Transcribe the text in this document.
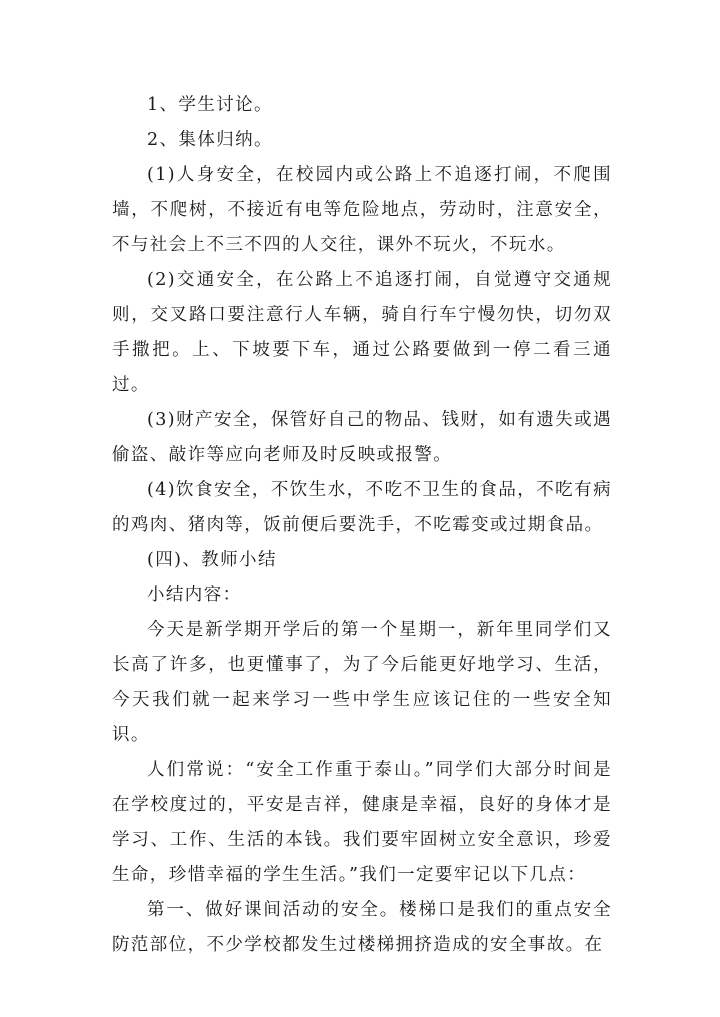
1、学生讨论。

2、集体归纳。

(1)人身安全，在校园内或公路上不追逐打闹，不爬围墙，不爬树，不接近有电等危险地点，劳动时，注意安全，不与社会上不三不四的人交往，课外不玩火，不玩水。

(2)交通安全，在公路上不追逐打闹，自觉遵守交通规则，交叉路口要注意行人车辆，骑自行车宁慢勿快，切勿双手撒把。上、下坡要下车，通过公路要做到一停二看三通过。

(3)财产安全，保管好自己的物品、钱财，如有遗失或遇偷盗、敲诈等应向老师及时反映或报警。

(4)饮食安全，不饮生水，不吃不卫生的食品，不吃有病的鸡肉、猪肉等，饭前便后要洗手，不吃霉变或过期食品。

(四)、教师小结

小结内容：

今天是新学期开学后的第一个星期一，新年里同学们又长高了许多，也更懂事了，为了今后能更好地学习、生活，今天我们就一起来学习一些中学生应该记住的一些安全知识。

人们常说：“安全工作重于泰山。”同学们大部分时间是在学校度过的，平安是吉祥，健康是幸福，良好的身体才是学习、工作、生活的本钱。我们要牢固树立安全意识，珍爱生命，珍惜幸福的学生生活。”我们一定要牢记以下几点：

第一、做好课间活动的安全。楼梯口是我们的重点安全防范部位，不少学校都发生过楼梯拥挤造成的安全事故。在
